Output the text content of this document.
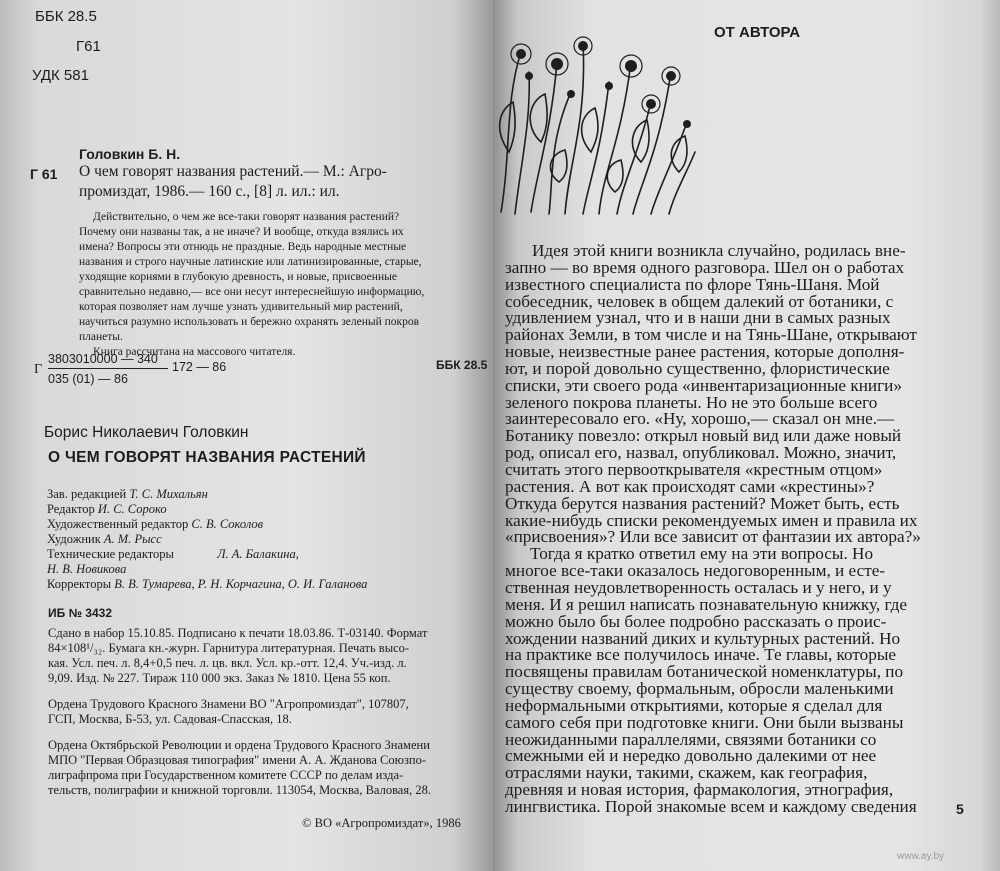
ББК 28.5
Г61
УДК 581
Головкин Б. Н.
Г 61 О чем говорят названия растений.— М.: Агро-
промиздат, 1986.— 160 с., [8] л. ил.: ил.
Действительно, о чем же все-таки говорят названия растений?
Почему они названы так, а не иначе? И вообще, откуда взялись их
имена? Вопросы эти отнюдь не праздные. Ведь народные местные
названия и строго научные латинские или латинизированные, старые,
уходящие корнями в глубокую древность, и новые, присвоенные
сравнительно недавно,— все они несут интереснейшую информацию,
которая позволяет нам лучше узнать удивительный мир растений,
научиться разумно использовать и бережно охранять зеленый покров
планеты.
Книга рассчитана на массового читателя.
Г
3803010000 — 340
035 (01) — 86
172 — 86	ББК 28.5
Борис Николаевич Головкин
О ЧЕМ ГОВОРЯТ НАЗВАНИЯ РАСТЕНИЙ
Зав. редакцией Т. С. Михальян
Редактор И. С. Сороко
Художественный редактор С. В. Соколов
Художник А. М. Рысс
Технические редакторы	Л. А. Балакина,
Н. В. Новикова
Корректоры В. В. Тумарева, Р. Н. Корчагина, О. И. Галанова
ИБ № 3432
Сдано в набор 15.10.85. Подписано к печати 18.03.86. Т-03140. Формат
84×108¹/₃₂. Бумага кн.-журн. Гарнитура литературная. Печать высо-
кая. Усл. печ. л. 8,4+0,5 печ. л. цв. вкл. Усл. кр.-отт. 12,4. Уч.-изд. л.
9,09. Изд. № 227. Тираж 110 000 экз. Заказ № 1810. Цена 55 коп.
Ордена Трудового Красного Знамени ВО "Агропромиздат", 107807,
ГСП, Москва, Б-53, ул. Садовая-Спасская, 18.
Ордена Октябрьской Революции и ордена Трудового Красного Знамени
МПО "Первая Образцовая типография" имени А. А. Жданова Союзпо-
лиграфпрома при Государственном комитете СССР по делам изда-
тельств, полиграфии и книжной торговли. 113054, Москва, Валовая, 28.
© ВО «Агропромиздат», 1986
ОТ АВТОРА
Идея этой книги возникла случайно, родилась вне-
запно — во время одного разговора. Шел он о работах
известного специалиста по флоре Тянь-Шаня. Мой
собеседник, человек в общем далекий от ботаники, с
удивлением узнал, что и в наши дни в самых разных
районах Земли, в том числе и на Тянь-Шане, открывают
новые, неизвестные ранее растения, которые дополня-
ют, и порой довольно существенно, флористические
списки, эти своего рода «инвентаризационные книги»
зеленого покрова планеты. Но не это больше всего
заинтересовало его. «Ну, хорошо,— сказал он мне.—
Ботанику повезло: открыл новый вид или даже новый
род, описал его, назвал, опубликовал. Можно, значит,
считать этого первооткрывателя «крестным отцом»
растения. А вот как происходят сами «крестины»?
Откуда берутся названия растений? Может быть, есть
какие-нибудь списки рекомендуемых имен и правила их
«присвоения»? Или все зависит от фантазии их автора?»
Тогда я кратко ответил ему на эти вопросы. Но
многое все-таки оказалось недоговоренным, и есте-
ственная неудовлетворенность осталась и у него, и у
меня. И я решил написать познавательную книжку, где
можно было бы более подробно рассказать о проис-
хождении названий диких и культурных растений. Но
на практике все получилось иначе. Те главы, которые
посвящены правилам ботанической номенклатуры, по
существу своему, формальным, обросли маленькими
неформальными открытиями, которые я сделал для
самого себя при подготовке книги. Они были вызваны
неожиданными параллелями, связями ботаники со
смежными ей и нередко довольно далекими от нее
отраслями науки, такими, скажем, как география,
древняя и новая история, фармакология, этнография,
лингвистика. Порой знакомые всем и каждому сведения	5
www.ay.by
